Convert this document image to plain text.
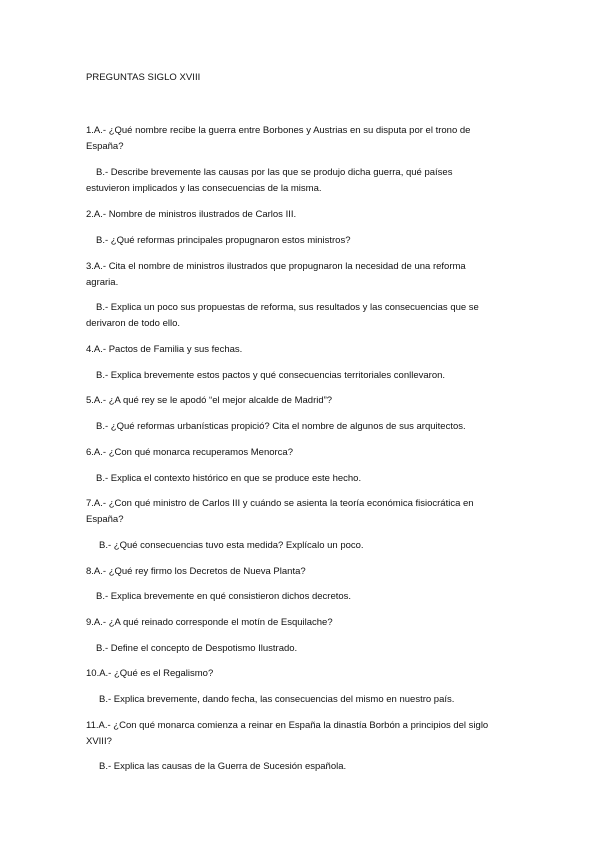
PREGUNTAS SIGLO XVIII
1.A.- ¿Qué nombre recibe la guerra entre Borbones y Austrias en su disputa por el trono de
España?
B.- Describe brevemente las causas por las que se produjo dicha guerra, qué países
estuvieron implicados y las consecuencias de la misma.
2.A.- Nombre de ministros ilustrados de Carlos III.
B.- ¿Qué reformas principales propugnaron estos ministros?
3.A.- Cita el nombre de ministros ilustrados que propugnaron la necesidad de una reforma
agraria.
B.- Explica un poco sus propuestas de reforma, sus resultados y las consecuencias que se
derivaron de todo ello.
4.A.- Pactos de Familia y sus fechas.
B.- Explica brevemente estos pactos y qué consecuencias territoriales conllevaron.
5.A.- ¿A qué rey se le apodó “el mejor alcalde de Madrid”?
B.- ¿Qué reformas urbanísticas propició? Cita el nombre de algunos de sus arquitectos.
6.A.- ¿Con qué monarca recuperamos Menorca?
B.- Explica el contexto histórico en que se produce este hecho.
7.A.- ¿Con qué ministro de Carlos III y cuándo se asienta la teoría económica fisiocrática en
España?
B.- ¿Qué consecuencias tuvo esta medida? Explícalo un poco.
8.A.- ¿Qué rey firmo los Decretos de Nueva Planta?
B.- Explica brevemente en qué consistieron dichos decretos.
9.A.- ¿A qué reinado corresponde el motín de Esquilache?
B.- Define el concepto de Despotismo Ilustrado.
10.A.- ¿Qué es el Regalismo?
B.- Explica brevemente, dando fecha, las consecuencias del mismo en nuestro país.
11.A.- ¿Con qué monarca comienza a reinar en España la dinastía Borbón a principios del siglo
XVIII?
B.- Explica las causas de la Guerra de Sucesión española.
